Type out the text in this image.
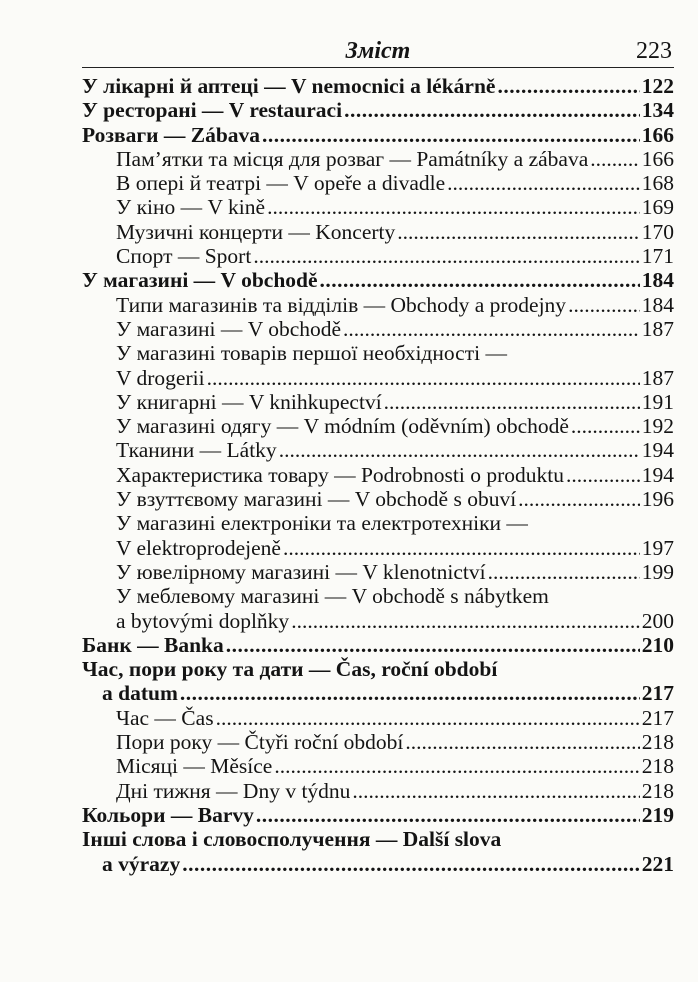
Зміст	223
У лікарні й аптеці — V nemocnici a lékárně .....	122
У ресторані — V restauraci .....	134
Розваги — Zábava .....	166
Пам’ятки та місця для розваг — Památníky a zábava ..... 166
В опері й театрі — V opeře a divadle .....	168
У кіно — V kině .....	169
Музичні концерти — Koncerty .....	170
Спорт — Sport .....	171
У магазині — V obchodě .....	184
Типи магазинів та відділів — Obchody a prodejny .....	184
У магазині — V obchodě .....	187
У магазині товарів першої необхідності —
V drogerii .....	187
У книгарні — V knihkupectví .....	191
У магазині одягу — V módním (oděvním) obchodě .....	192
Тканини — Látky .....	194
Характеристика товару — Podrobnosti o produktu .....	194
У взуттєвому магазині — V obchodě s obuví .....	196
У магазині електроніки та електротехніки —
V elektroprodejeně .....	197
У ювелірному магазині — V klenotnictví .....	199
У меблевому магазині — V obchodě s nábytkem
a bytovými doplňky .....	200
Банк — Banka .....	210
Час, пори року та дати — Čas, roční období
a datum .....	217
Час — Čas .....	217
Пори року — Čtyři roční období .....	218
Місяці — Měsíce .....	218
Дні тижня — Dny v týdnu .....	218
Кольори — Barvy .....	219
Інші слова і словосполучення — Další slova
a výrazy .....	221
